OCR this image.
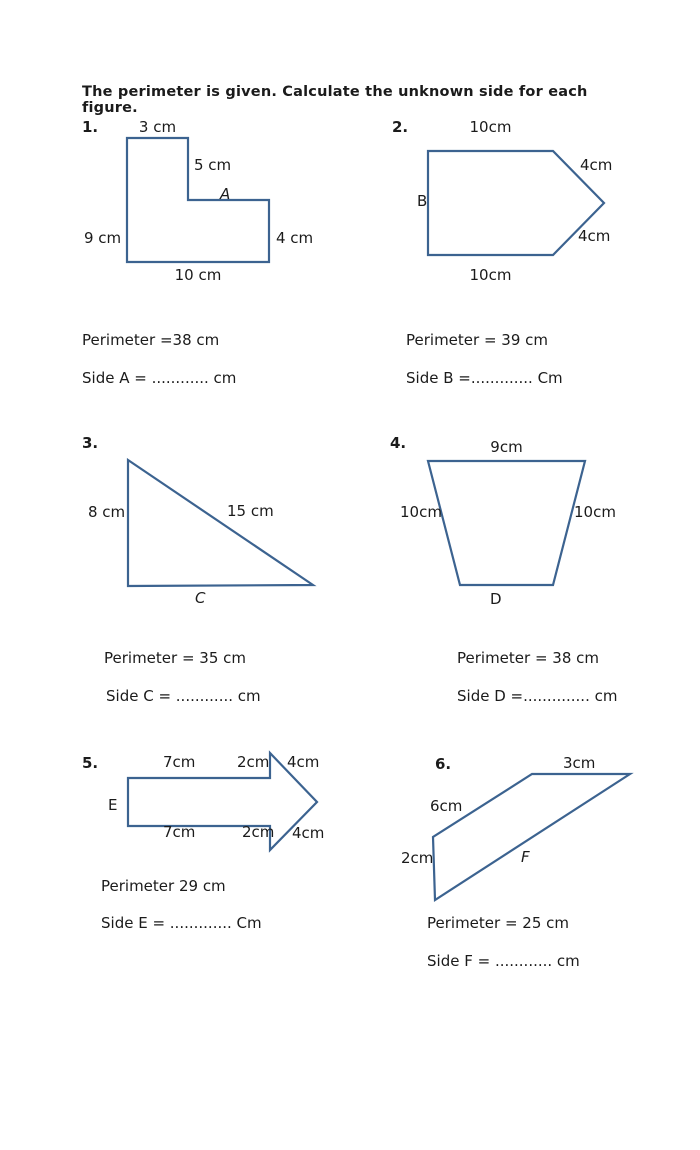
The perimeter is given. Calculate the unknown side for each figure.
1.	3 cm
5 cm
A
4 cm
9 cm
10 cm
Perimeter =38 cm
Side A = ............ cm
2.	10cm
4cm
B
4cm
10cm
Perimeter = 39 cm
Side B =............. Cm
3.
8 cm	15 cm
C
Perimeter = 35 cm
Side C = ............ cm
4.	9cm
10cm	10cm
D
Perimeter = 38 cm
Side D =.............. cm
5.	7cm	2cm 4cm
E
7cm	2cm 4cm
Perimeter 29 cm
Side E = ............. Cm
6.	3cm
6cm
2cm	F
Perimeter = 25 cm
Side F = ............ cm
